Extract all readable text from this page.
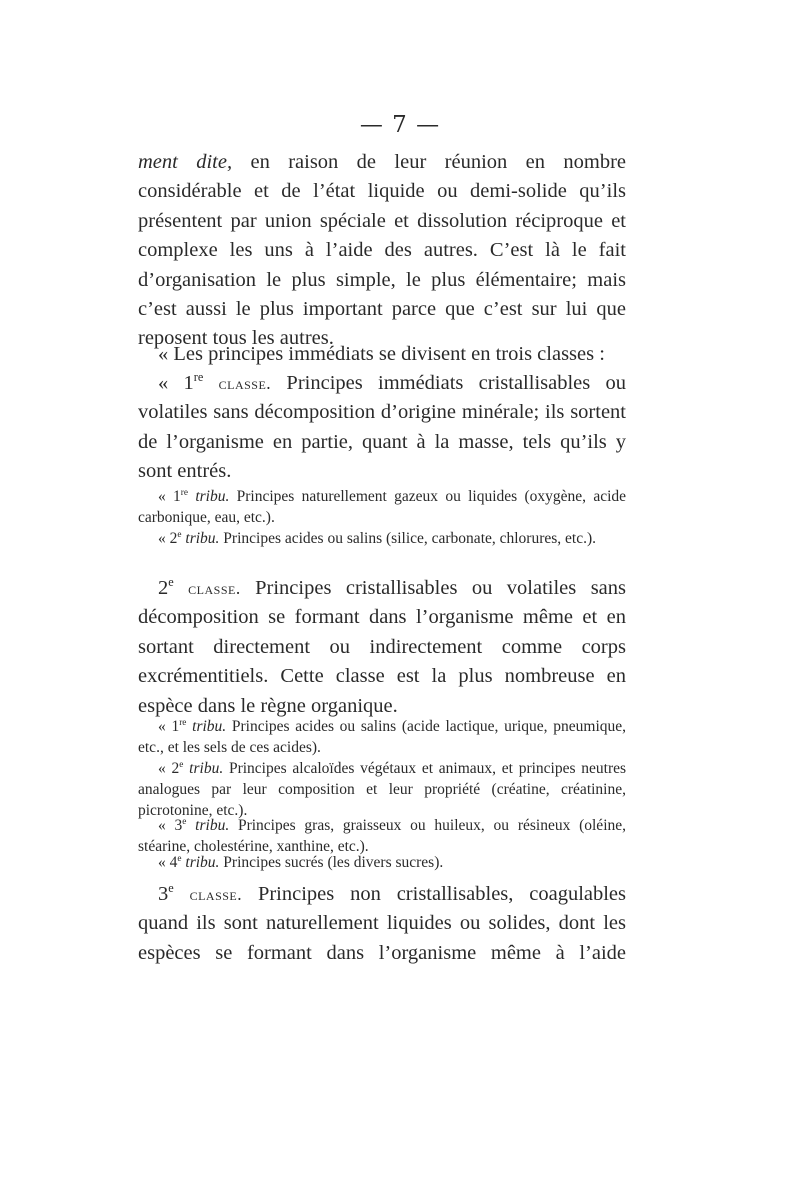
— 7 —

ment dite, en raison de leur réunion en nombre considérable et de l’état liquide ou demi-solide qu’ils présentent par union spéciale et dissolution réciproque et complexe les uns à l’aide des autres. C’est là le fait d’organisation le plus simple, le plus élémentaire; mais c’est aussi le plus important parce que c’est sur lui que reposent tous les autres.

« Les principes immédiats se divisent en trois classes :

« 1re classe. Principes immédiats cristallisables ou volatiles sans décomposition d’origine minérale; ils sortent de l’organisme en partie, quant à la masse, tels qu’ils y sont entrés.

« 1re tribu. Principes naturellement gazeux ou liquides (oxygène, acide carbonique, eau, etc.).

« 2e tribu. Principes acides ou salins (silice, carbonate, chlorures, etc.).

2e classe. Principes cristallisables ou volatiles sans décomposition se formant dans l’organisme même et en sortant directement ou indirectement comme corps excrémentitiels. Cette classe est la plus nombreuse en espèce dans le règne organique.

« 1re tribu. Principes acides ou salins (acide lactique, urique, pneumique, etc., et les sels de ces acides).

« 2e tribu. Principes alcaloïdes végétaux et animaux, et principes neutres analogues par leur composition et leur propriété (créatine, créatinine, picrotonine, etc.).

« 3e tribu. Principes gras, graisseux ou huileux, ou résineux (oléine, stéarine, cholestérine, xanthine, etc.).

« 4e tribu. Principes sucrés (les divers sucres).

3e classe. Principes non cristallisables, coagulables quand ils sont naturellement liquides ou solides, dont les espèces se formant dans l’organisme même à l’aide
